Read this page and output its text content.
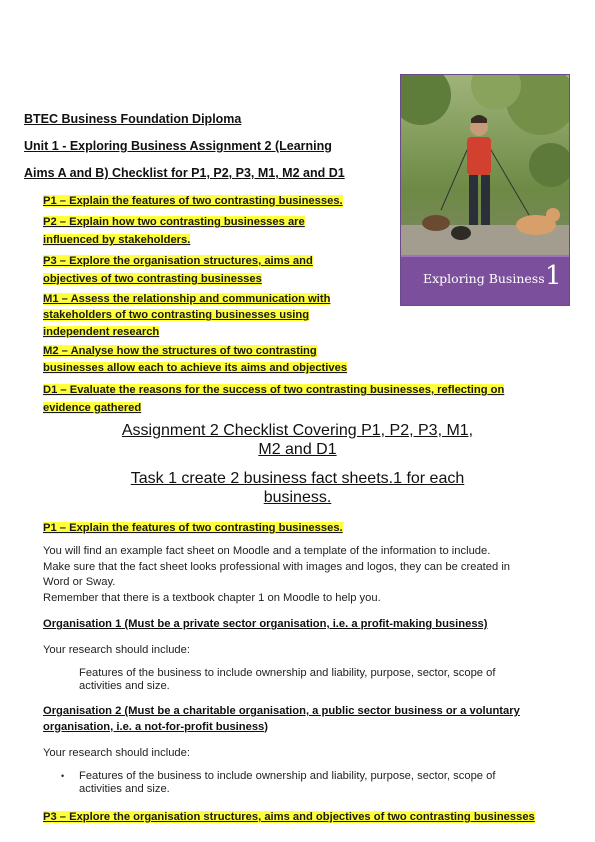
BTEC Business Foundation Diploma
Unit 1 - Exploring Business Assignment 2 (Learning
Aims A and B) Checklist for P1, P2, P3, M1, M2 and D1
P1 – Explain the features of two contrasting businesses.
P2 – Explain how two contrasting businesses are
influenced by stakeholders.
P3 – Explore the organisation structures, aims and
objectives of two contrasting businesses
M1 – Assess the relationship and communication with
stakeholders of two contrasting businesses using
independent research
M2 – Analyse how the structures of two contrasting
businesses allow each to achieve its aims and objectives
D1 – Evaluate the reasons for the success of two contrasting businesses, reflecting on
evidence gathered
Exploring Business 1
Assignment 2 Checklist Covering P1, P2, P3, M1,
M2 and D1
Task 1 create 2 business fact sheets.1 for each
business.
P1 – Explain the features of two contrasting businesses.
You will find an example fact sheet on Moodle and a template of the information to include.
Make sure that the fact sheet looks professional with images and logos, they can be created in
Word or Sway.
Remember that there is a textbook chapter 1 on Moodle to help you.
Organisation 1 (Must be a private sector organisation, i.e. a profit-making business)
Your research should include:
Features of the business to include ownership and liability, purpose, sector, scope of
activities and size.
Organisation 2 (Must be a charitable organisation, a public sector business or a voluntary
organisation, i.e. a not-for-profit business)
Your research should include:
•	Features of the business to include ownership and liability, purpose, sector, scope of
activities and size.
P3 – Explore the organisation structures, aims and objectives of two contrasting businesses
